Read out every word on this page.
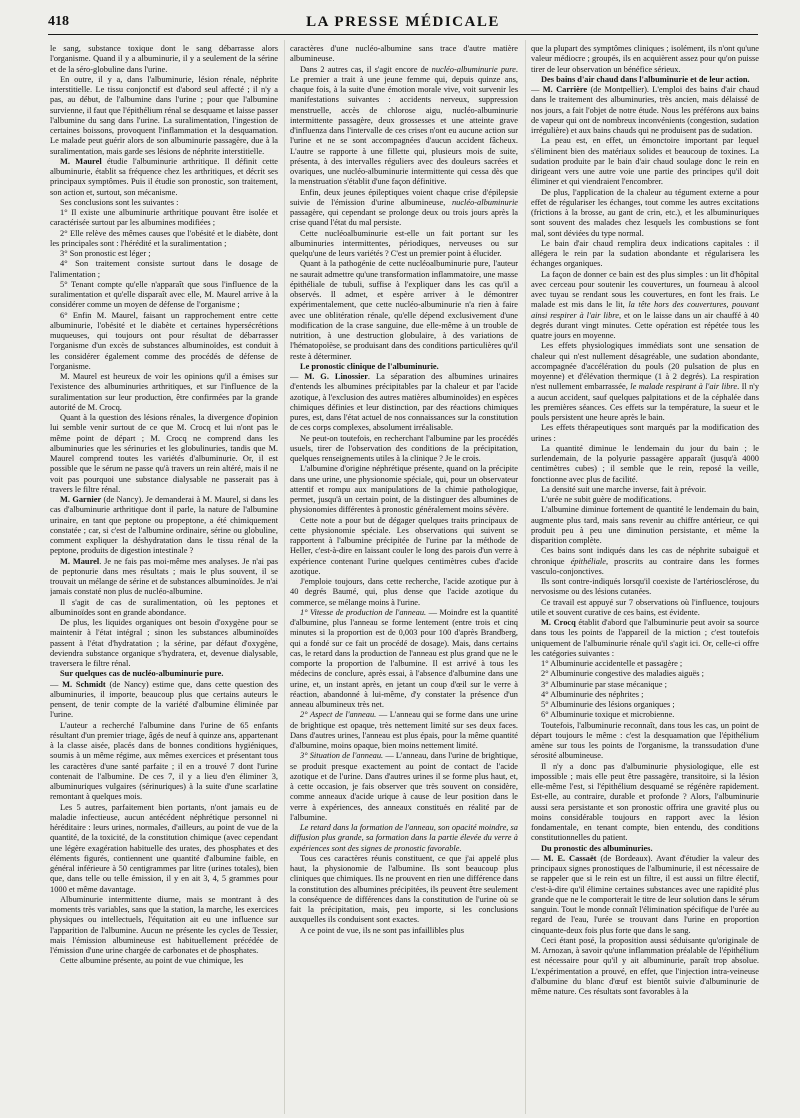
418	LA PRESSE MÉDICALE

le sang, substance toxique dont le sang débarrasse alors l'organisme. Quand il y a albuminurie, il y a seulement de la sérine et de la séro-globuline dans l'urine.

En outre, il y a, dans l'albuminurie, lésion rénale, néphrite interstitielle. Le tissu conjonctif est d'abord seul affecté ; il n'y a pas, au début, de l'albumine dans l'urine ; pour que l'albumine survienne, il faut que l'épithélium rénal se desquame et laisse passer l'albumine du sang dans l'urine. La suralimentation, l'ingestion de certaines boissons, provoquent l'inflammation et la desquamation. Le malade peut guérir alors de son albuminurie passagère, due à la suralimentation, mais garde ses lésions de néphrite interstitielle.

M. Maurel étudie l'albuminurie arthritique. Il définit cette albuminurie, établit sa fréquence chez les arthritiques, et décrit ses principaux symptômes. Puis il étudie son pronostic, son traitement, son action et, surtout, son mécanisme.

Ses conclusions sont les suivantes :

1° Il existe une albuminurie arthritique pouvant être isolée et caractérisée surtout par les albumines modifiées ;

2° Elle relève des mêmes causes que l'obésité et le diabète, dont les principales sont : l'hérédité et la suralimentation ;

3° Son pronostic est léger ;

4° Son traitement consiste surtout dans le dosage de l'alimentation ;

5° Tenant compte qu'elle n'apparaît que sous l'influence de la suralimentation et qu'elle disparaît avec elle, M. Maurel arrive à la considérer comme un moyen de défense de l'organisme ;

6° Enfin M. Maurel, faisant un rapprochement entre cette albuminurie, l'obésité et le diabète et certaines hypersécrétions muqueuses, qui toujours ont pour résultat de débarrasser l'organisme d'un excès de substances albuminoïdes, est conduit à les considérer également comme des procédés de défense de l'organisme.

M. Maurel est heureux de voir les opinions qu'il a émises sur l'existence des albuminuries arthritiques, et sur l'influence de la suralimentation sur leur production, être confirmées par la grande autorité de M. Crocq.

Quant à la question des lésions rénales, la divergence d'opinion lui semble venir surtout de ce que M. Crocq et lui n'ont pas le même point de départ ; M. Crocq ne comprend dans les albuminuries que les sérinuries et les globulinuries, tandis que M. Maurel comprend toutes les variétés d'albuminurie. Or, il est possible que le sérum ne passe qu'à travers un rein altéré, mais il ne voit pas pourquoi une substance dialysable ne passerait pas à travers le filtre rénal.

M. Garnier (de Nancy). Je demanderai à M. Maurel, si dans les cas d'albuminurie arthritique dont il parle, la nature de l'albumine urinaire, en tant que peptone ou propeptone, a été chimiquement constatée ; car, si c'est de l'albumine ordinaire, sérine ou globuline, comment expliquer la déshydratation dans le tissu rénal de la peptone, produits de digestion intestinale ?

M. Maurel. Je ne fais pas moi-même mes analyses. Je n'ai pas de peptonurie dans mes résultats ; mais le plus souvent, il se trouvait un mélange de sérine et de substances albuminoïdes. Je n'ai jamais constaté non plus de nucléo-albumine.

Il s'agit de cas de suralimentation, où les peptones et albuminoïdes sont en grande abondance.

De plus, les liquides organiques ont besoin d'oxygène pour se maintenir à l'état intégral ; sinon les substances albuminoïdes passent à l'état d'hydratation ; la sérine, par défaut d'oxygène, deviendra substance organique s'hydratera, et, devenue dialysable, traversera le filtre rénal.

Sur quelques cas de nucléo-albuminurie pure.

— M. Schmidt (de Nancy) estime que, dans cette question des albuminuries, il importe, beaucoup plus que certains auteurs le pensent, de tenir compte de la variété d'albumine éliminée par l'urine.

L'auteur a recherché l'albumine dans l'urine de 65 enfants résultant d'un premier triage, âgés de neuf à quinze ans, appartenant à la classe aisée, placés dans de bonnes conditions hygiéniques, soumis à un même régime, aux mêmes exercices et présentant tous les caractères d'une santé parfaite ; il en a trouvé 7 dont l'urine contenait de l'albumine. De ces 7, il y a lieu d'en éliminer 3, albuminuriques vulgaires (sérinuriques) à la suite d'une scarlatine remontant à quelques mois.

Les 5 autres, parfaitement bien portants, n'ont jamais eu de maladie infectieuse, aucun antécédent néphrétique personnel ni héréditaire : leurs urines, normales, d'ailleurs, au point de vue de la quantité, de la toxicité, de la constitution chimique (avec cependant une légère exagération habituelle des urates, des phosphates et des éléments figurés, contiennent une quantité d'albumine faible, en général inférieure à 50 centigrammes par litre (urines totales), bien que, dans telle ou telle émission, il y en ait 3, 4, 5 grammes pour 1000 et même davantage.

Albuminurie intermittente diurne, mais se montrant à des moments très variables, sans que la station, la marche, les exercices physiques ou intellectuels, l'équitation ait eu une influence sur l'apparition de l'albumine. Aucun ne présente les cycles de Tessier, mais l'émission albumineuse est habituellement précédée de l'émission d'une urine chargée de carbonates et de phosphates.

Cette albumine présente, au point de vue chimique, les

caractères d'une nucléo-albumine sans trace d'autre matière albumineuse.

Dans 2 autres cas, il s'agit encore de nucléo-albuminurie pure. Le premier a trait à une jeune femme qui, depuis quinze ans, chaque fois, à la suite d'une émotion morale vive, voit survenir les manifestations suivantes : accidents nerveux, suppression menstruelle, accès de chlorose aigu, nucléo-albuminurie intermittente passagère, deux grossesses et une atteinte grave d'influenza dans l'intervalle de ces crises n'ont eu aucune action sur l'urine et ne se sont accompagnées d'aucun accident fâcheux. L'autre se rapporte à une fillette qui, plusieurs mois de suite, présenta, à des intervalles réguliers avec des douleurs sacrées et ovariques, une nucléo-albuminurie intermittente qui cessa dès que la menstruation s'établit d'une façon définitive.

Enfin, deux jeunes épileptiques voient chaque crise d'épilepsie suivie de l'émission d'urine albumineuse, nucléo-albuminurie passagère, qui cependant se prolonge deux ou trois jours après la crise quand l'état du mal persiste.

Cette nucléoalbuminurie est-elle un fait portant sur les albuminuries intermittentes, périodiques, nerveuses ou sur quelqu'une de leurs variétés ? C'est un premier point à élucider.

Quant à la pathogénie de cette nucléoalbuminurie pure, l'auteur ne saurait admettre qu'une transformation inflammatoire, une masse épithéliale de tubuli, suffise à l'expliquer dans les cas qu'il a observés. Il admet, et espère arriver à le démontrer expérimentalement, que cette nucléo-albuminurie n'a rien à faire avec une oblitération rénale, qu'elle dépend exclusivement d'une modification de la crase sanguine, due elle-même à un trouble de nutrition, à une destruction globulaire, à des variations de l'hématopoïèse, se produisant dans des conditions particulières qu'il reste à déterminer.

Le pronostic clinique de l'albuminurie.

— M. G. Linossier. La séparation des albumines urinaires d'entends les albumines précipitables par la chaleur et par l'acide azotique, à l'exclusion des autres matières albuminoïdes) en espèces chimiques définies et leur distinction, par des réactions chimiques pures, est, dans l'état actuel de nos connaissances sur la constitution de ces corps complexes, absolument irréalisable.

Ne peut-on toutefois, en recherchant l'albumine par les procédés usuels, tirer de l'observation des conditions de la précipitation, quelques renseignements utiles à la clinique ? Je le crois.

L'albumine d'origine néphrétique présente, quand on la précipite dans une urine, une physionomie spéciale, qui, pour un observateur attentif et rompu aux manipulations de la chimie pathologique, permet, jusqu'à un certain point, de la distinguer des albumines de physionomies différentes à pronostic généralement moins sévère.

Cette note a pour but de dégager quelques traits principaux de cette physionomie spéciale. Les observations qui suivent se rapportent à l'albumine précipitée de l'urine par la méthode de Heller, c'est-à-dire en laissant couler le long des parois d'un verre à expérience contenant l'urine quelques centimètres cubes d'acide azotique.

J'emploie toujours, dans cette recherche, l'acide azotique pur à 40 degrés Baumé, qui, plus dense que l'acide azotique du commerce, se mélange moins à l'urine.

1° Vitesse de production de l'anneau. — Moindre est la quantité d'albumine, plus l'anneau se forme lentement (entre trois et cinq minutes si la proportion est de 0,003 pour 100 d'après Brandberg, qui a fondé sur ce fait un procédé de dosage). Mais, dans certains cas, le retard dans la production de l'anneau est plus grand que ne le comporte la proportion de l'albumine. Il est arrivé à tous les médecins de conclure, après essai, à l'absence d'albumine dans une urine, et, un instant après, en jetant un coup d'œil sur le verre à réaction, abandonné à lui-même, d'y constater la présence d'un anneau albumineux très net.

2° Aspect de l'anneau. — L'anneau qui se forme dans une urine de brightique est opaque, très nettement limité sur ses deux faces. Dans d'autres urines, l'anneau est plus épais, pour la même quantité d'albumine, moins opaque, bien moins nettement limité.

3° Situation de l'anneau. — L'anneau, dans l'urine de brightique, se produit presque exactement au point de contact de l'acide azotique et de l'urine. Dans d'autres urines il se forme plus haut, et, à cette occasion, je fais observer que très souvent on considère, comme anneaux d'acide urique à cause de leur position dans le verre à expériences, des anneaux constitués en réalité par de l'albumine.

Le retard dans la formation de l'anneau, son opacité moindre, sa diffusion plus grande, sa formation dans la partie élevée du verre à expériences sont des signes de pronostic favorable.

Tous ces caractères réunis constituent, ce que j'ai appelé plus haut, la physionomie de l'albumine. Ils sont beaucoup plus cliniques que chimiques. Ils ne prouvent en rien une différence dans la constitution des albumines précipitées, ils peuvent être seulement la conséquence de différences dans la constitution de l'urine où se fait la précipitation, mais, peu importe, si les conclusions auxquelles ils conduisent sont exactes.

A ce point de vue, ils ne sont pas infaillibles plus

que la plupart des symptômes cliniques ; isolément, ils n'ont qu'une valeur médiocre ; groupés, ils en acquièrent assez pour qu'on puisse tirer de leur observation un bénéfice sérieux.

Des bains d'air chaud dans l'albuminurie et de leur action.

— M. Carrière (de Montpellier). L'emploi des bains d'air chaud dans le traitement des albuminuries, très ancien, mais délaissé de nos jours, a fait l'objet de notre étude. Nous les préférons aux bains de vapeur qui ont de nombreux inconvénients (congestion, sudation irrégulière) et aux bains chauds qui ne produisent pas de sudation.

La peau est, en effet, un émonctoire important par lequel s'éliminent bien des matériaux solides et beaucoup de toxines. La sudation produite par le bain d'air chaud soulage donc le rein en dirigeant vers une autre voie une partie des principes qu'il doit éliminer et qui viendraient l'encombrer.

De plus, l'application de la chaleur au tégument externe a pour effet de régulariser les échanges, tout comme les autres excitations (frictions à la brosse, au gant de crin, etc.), et les albuminuriques sont souvent des malades chez lesquels les combustions se font mal, sont déviées du type normal.

Le bain d'air chaud remplira deux indications capitales : il allégera le rein par la sudation abondante et régularisera les échanges organiques.

La façon de donner ce bain est des plus simples : un lit d'hôpital avec cerceau pour soutenir les couvertures, un fourneau à alcool avec tuyau se rendant sous les couvertures, en font les frais. Le malade est mis dans le lit, la tête hors des couvertures, pouvant ainsi respirer à l'air libre, et on le laisse dans un air chauffé à 40 degrés durant vingt minutes. Cette opération est répétée tous les quatre jours en moyenne.

Les effets physiologiques immédiats sont une sensation de chaleur qui n'est nullement désagréable, une sudation abondante, accompagnée d'accélération du pouls (20 pulsation de plus en moyenne) et d'élévation thermique (1 à 2 degrés). La respiration n'est nullement embarrassée, le malade respirant à l'air libre. Il n'y a aucun accident, sauf quelques palpitations et de la céphalée dans les premières séances. Ces effets sur la température, la sueur et le pouls persistent une heure après le bain.

Les effets thérapeutiques sont marqués par la modification des urines :

La quantité diminue le lendemain du jour du bain ; le surlendemain, de la polyurie passagère apparaît (jusqu'à 4000 centimètres cubes) ; il semble que le rein, reposé la veille, fonctionne avec plus de facilité.

La densité suit une marche inverse, fait à prévoir.

L'urée ne subit guère de modifications.

L'albumine diminue fortement de quantité le lendemain du bain, augmente plus tard, mais sans revenir au chiffre antérieur, ce qui produit peu à peu une diminution persistante, et même la disparition complète.

Ces bains sont indiqués dans les cas de néphrite subaiguë et chronique épithéliale, proscrits au contraire dans les formes vasculo-conjonctives.

Ils sont contre-indiqués lorsqu'il coexiste de l'artériosclérose, du nervosisme ou des lésions cutanées.

Ce travail est appuyé sur 7 observations où l'influence, toujours utile et souvent curative de ces bains, est évidente.

M. Crocq établit d'abord que l'albuminurie peut avoir sa source dans tous les points de l'appareil de la miction ; c'est toutefois uniquement de l'albuminurie rénale qu'il s'agit ici. Or, celle-ci offre les catégories suivantes :

1° Albuminurie accidentelle et passagère ;

2° Albuminurie congestive des maladies aiguës ;

3° Albuminurie par stase mécanique ;

4° Albuminurie des néphrites ;

5° Albuminurie des lésions organiques ;

6° Albuminurie toxique et microbienne.

Toutefois, l'albuminurie reconnaît, dans tous les cas, un point de départ toujours le même : c'est la desquamation que l'épithélium amène sur tous les points de l'organisme, la transsudation d'une sérosité albumineuse.

Il n'y a donc pas d'albuminurie physiologique, elle est impossible ; mais elle peut être passagère, transitoire, si la lésion elle-même l'est, si l'épithélium desquamé se régénère rapidement. Est-elle, au contraire, durable et profonde ? Alors, l'albuminurie aussi sera persistante et son pronostic offrira une gravité plus ou moins considérable toujours en rapport avec la lésion fondamentale, en tenant compte, bien entendu, des conditions constitutionnelles du patient.

Du pronostic des albuminuries.

— M. E. Cassaët (de Bordeaux). Avant d'étudier la valeur des principaux signes pronostiques de l'albuminurie, il est nécessaire de se rappeler que si le rein est un filtre, il est aussi un filtre électif, c'est-à-dire qu'il élimine certaines substances avec une rapidité plus grande que ne le comporterait le titre de leur solution dans le sérum sanguin. Tout le monde connaît l'élimination spécifique de l'urée au regard de l'eau, l'urée se trouvant dans l'urine en proportion cinquante-deux fois plus forte que dans le sang.

Ceci étant posé, la proposition aussi séduisante qu'originale de M. Arnozan, à savoir qu'une inflammation préalable de l'épithélium est nécessaire pour qu'il y ait albuminurie, paraît trop absolue. L'expérimentation a prouvé, en effet, que l'injection intra-veineuse d'albumine du blanc d'œuf est bientôt suivie d'albuminurie de même nature. Ces résultats sont favorables à la
